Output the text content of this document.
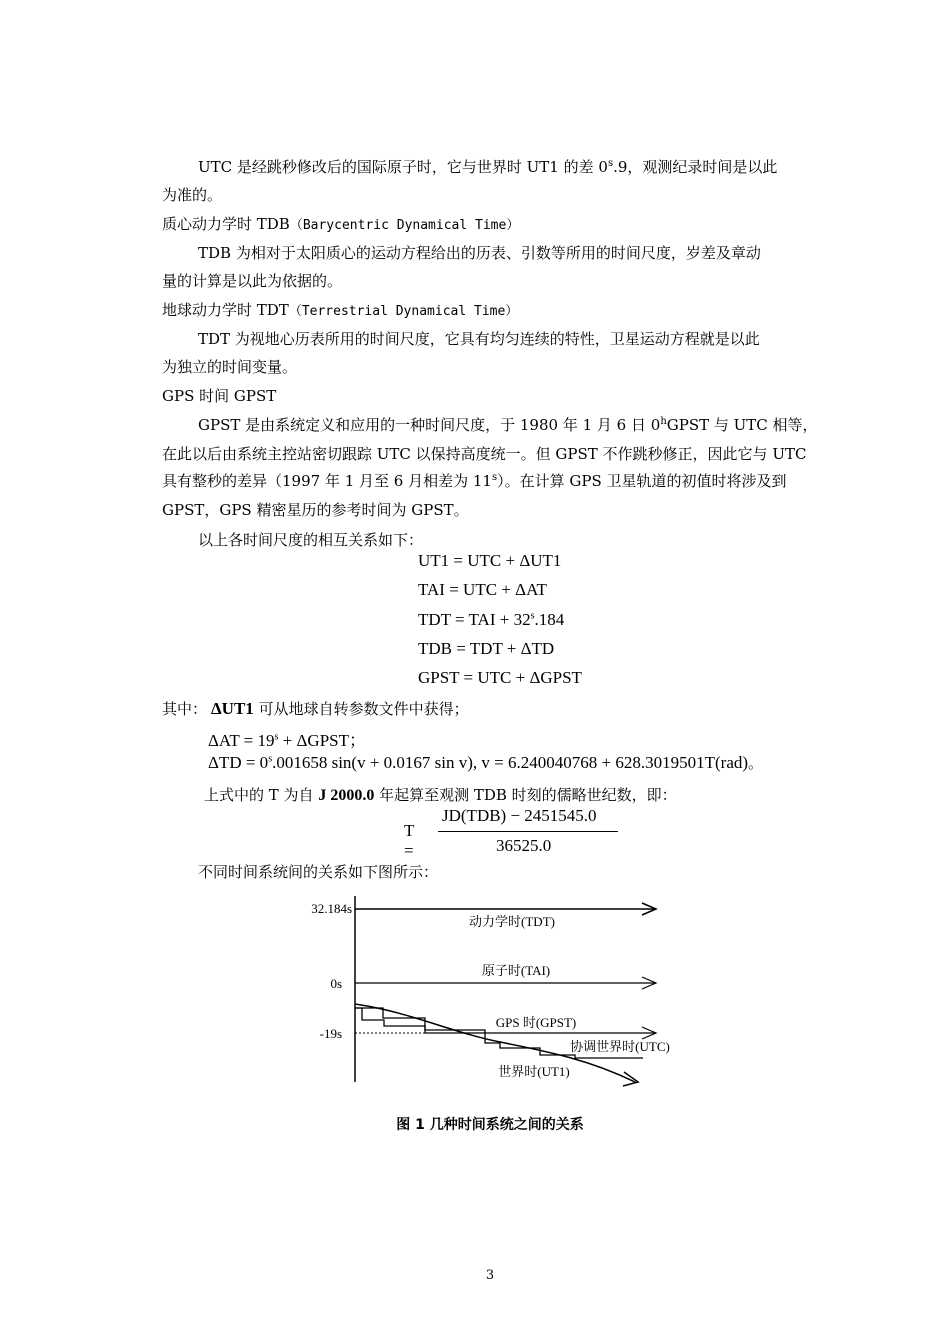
UTC 是经跳秒修改后的国际原子时，它与世界时 UT1 的差 0$^s$.9，观测纪录时间是以此
为准的。
质心动力学时 TDB（Barycentric Dynamical Time）
TDB 为相对于太阳质心的运动方程给出的历表、引数等所用的时间尺度，岁差及章动
量的计算是以此为依据的。
地球动力学时 TDT（Terrestrial Dynamical Time）
TDT 为视地心历表所用的时间尺度，它具有均匀连续的特性，卫星运动方程就是以此
为独立的时间变量。
GPS 时间 GPST
GPST 是由系统定义和应用的一种时间尺度，于 1980 年 1 月 6 日 0$^h$GPST 与 UTC 相等，
在此以后由系统主控站密切跟踪 UTC 以保持高度统一。但 GPST 不作跳秒修正，因此它与 UTC
具有整秒的差异（1997 年 1 月至 6 月相差为 11$^s$）。在计算 GPS 卫星轨道的初值时将涉及到
GPST，GPS 精密星历的参考时间为 GPST。
以上各时间尺度的相互关系如下：
UT1 = UTC + ΔUT1
TAI = UTC + ΔAT
TDT = TAI + $32^s.184$
TDB = TDT + ΔTD
GPST = UTC + ΔGPST
其中： ΔUT1 可从地球自转参数文件中获得；
$\Delta AT = 19^s$ + ΔGPST；
$\Delta TD = 0^s.001658$ sin(v + 0.0167 sin v), v = 6.240040768 + 628.3019501T(rad)。
上式中的 T 为自 J 2000.0 年起算至观测 TDB 时刻的儒略世纪数，即：
T =
JD(TDB) − 2451545.0
36525.0
不同时间系统间的关系如下图所示：
32.184s
0s
-19s
动力学时(TDT)
原子时(TAI)
GPS 时(GPST)
协调世界时(UTC)
世界时(UT1)
图 1 几种时间系统之间的关系
3
